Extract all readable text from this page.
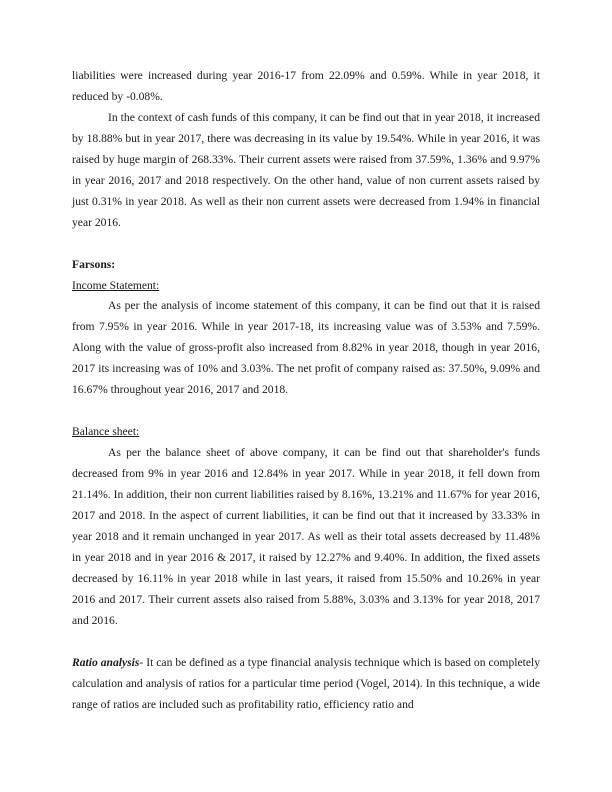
liabilities were increased during year 2016-17 from 22.09% and 0.59%. While in year 2018, it reduced by -0.08%.

In the context of cash funds of this company, it can be find out that in year 2018, it increased by 18.88% but in year 2017, there was decreasing in its value by 19.54%. While in year 2016, it was raised by huge margin of 268.33%. Their current assets were raised from 37.59%, 1.36% and 9.97% in year 2016, 2017 and 2018 respectively. On the other hand, value of non current assets raised by just 0.31% in year 2018. As well as their non current assets were decreased from 1.94% in financial year 2016.

Farsons:

Income Statement:

As per the analysis of income statement of this company, it can be find out that it is raised from 7.95% in year 2016. While in year 2017-18, its increasing value was of 3.53% and 7.59%. Along with the value of gross-profit also increased from 8.82% in year 2018, though in year 2016, 2017 its increasing was of 10% and 3.03%. The net profit of company raised as: 37.50%, 9.09% and 16.67% throughout year 2016, 2017 and 2018.

Balance sheet:

As per the balance sheet of above company, it can be find out that shareholder's funds decreased from 9% in year 2016 and 12.84% in year 2017. While in year 2018, it fell down from 21.14%. In addition, their non current liabilities raised by 8.16%, 13.21% and 11.67% for year 2016, 2017 and 2018. In the aspect of current liabilities, it can be find out that it increased by 33.33% in year 2018 and it remain unchanged in year 2017. As well as their total assets decreased by 11.48% in year 2018 and in year 2016 & 2017, it raised by 12.27% and 9.40%. In addition, the fixed assets decreased by 16.11% in year 2018 while in last years, it raised from 15.50% and 10.26% in year 2016 and 2017. Their current assets also raised from 5.88%, 3.03% and 3.13% for year 2018, 2017 and 2016.

Ratio analysis- It can be defined as a type financial analysis technique which is based on completely calculation and analysis of ratios for a particular time period (Vogel, 2014). In this technique, a wide range of ratios are included such as profitability ratio, efficiency ratio and
